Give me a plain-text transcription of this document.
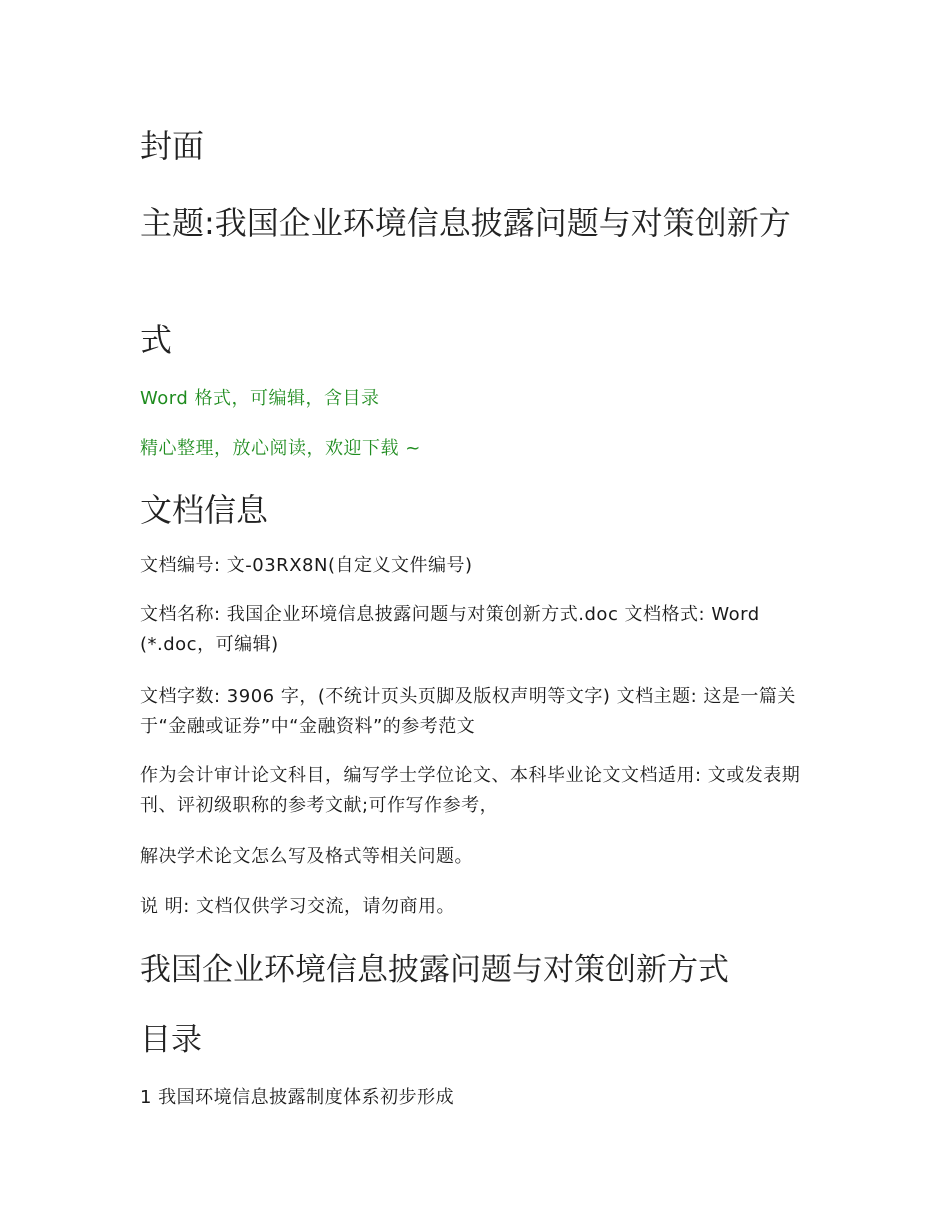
封面
主题:我国企业环境信息披露问题与对策创新方
式
Word 格式，可编辑，含目录
精心整理，放心阅读，欢迎下载 ~
文档信息
文档编号: 文-03RX8N(自定义文件编号)
文档名称: 我国企业环境信息披露问题与对策创新方式.doc 文档格式: Word (*.doc，可编辑)
文档字数: 3906 字，(不统计页头页脚及版权声明等文字) 文档主题: 这是一篇关于“金融或证券”中“金融资料”的参考范文
作为会计审计论文科目，编写学士学位论文、本科毕业论文文档适用: 文或发表期刊、评初级职称的参考文献;可作写作参考，
解决学术论文怎么写及格式等相关问题。
说 明: 文档仅供学习交流，请勿商用。
我国企业环境信息披露问题与对策创新方式
目录
1 我国环境信息披露制度体系初步形成
